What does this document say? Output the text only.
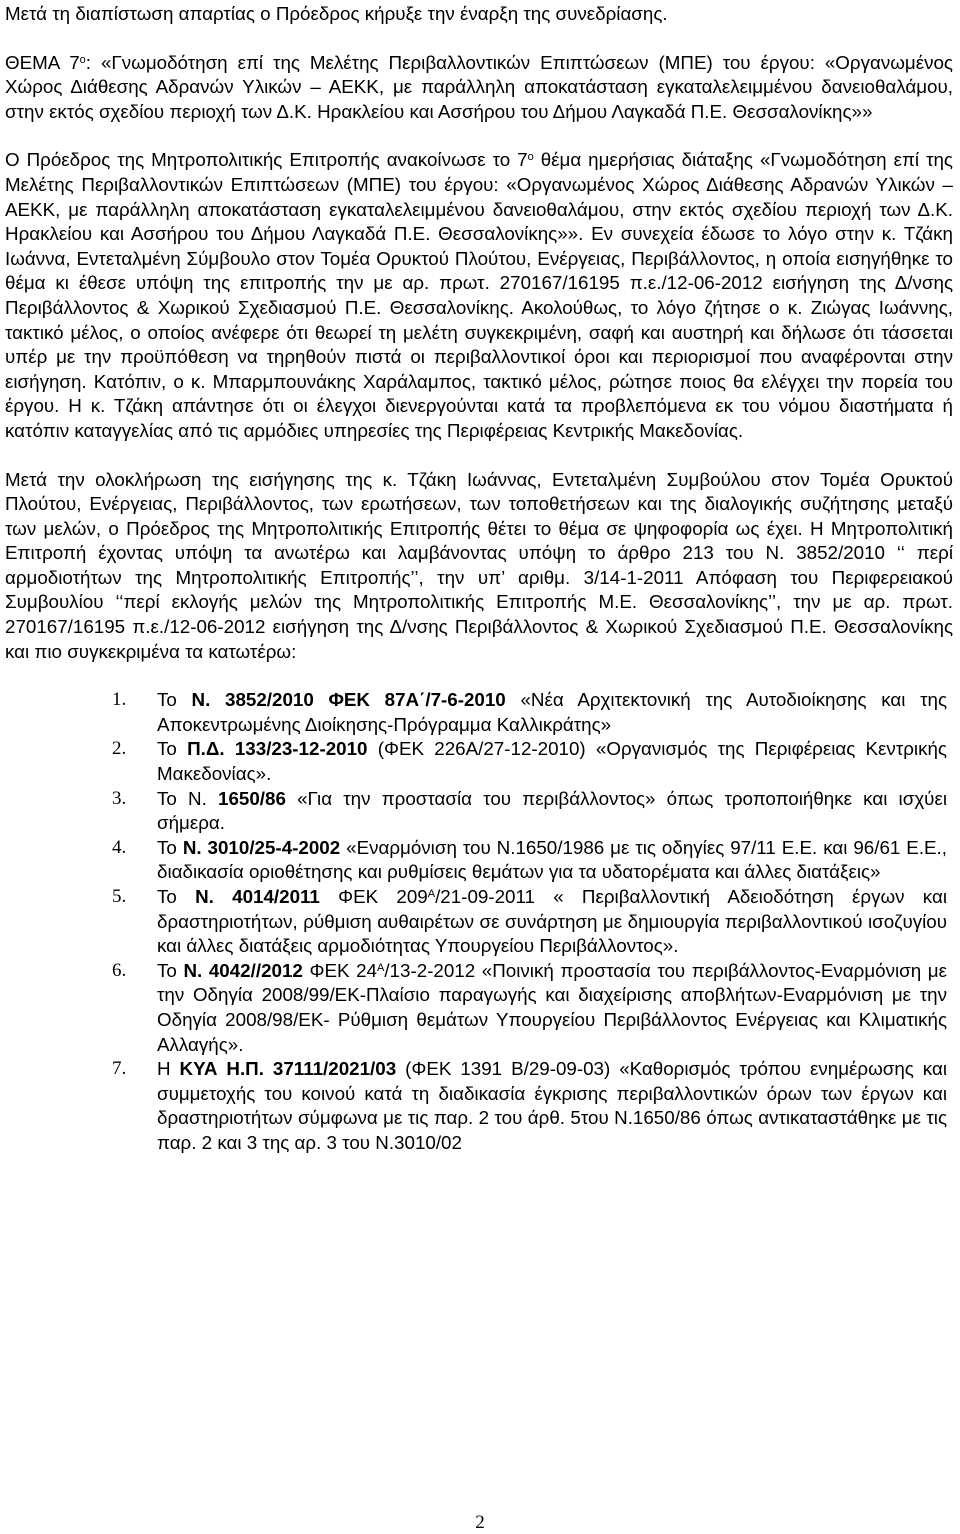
Μετά τη διαπίστωση απαρτίας ο Πρόεδρος κήρυξε την έναρξη της συνεδρίασης.

ΘΕΜΑ $7^o$: «Γνωμοδότηση επί της Μελέτης Περιβαλλοντικών Επιπτώσεων (ΜΠΕ) του έργου: «Οργανωμένος Χώρος Διάθεσης Αδρανών Υλικών – ΑΕΚΚ, με παράλληλη αποκατάσταση εγκαταλελειμμένου δανειοθαλάμου, στην εκτός σχεδίου περιοχή των Δ.Κ. Ηρακλείου και Ασσήρου του Δήμου Λαγκαδά Π.Ε. Θεσσαλονίκης»»

Ο Πρόεδρος της Μητροπολιτικής Επιτροπής ανακοίνωσε το $7^o$ θέμα ημερήσιας διάταξης «Γνωμοδότηση επί της Μελέτης Περιβαλλοντικών Επιπτώσεων (ΜΠΕ) του έργου: «Οργανωμένος Χώρος Διάθεσης Αδρανών Υλικών – ΑΕΚΚ, με παράλληλη αποκατάσταση εγκαταλελειμμένου δανειοθαλάμου, στην εκτός σχεδίου περιοχή των Δ.Κ. Ηρακλείου και Ασσήρου του Δήμου Λαγκαδά Π.Ε. Θεσσαλονίκης»». Εν συνεχεία έδωσε το λόγο στην κ. Τζάκη Ιωάννα, Εντεταλμένη Σύμβουλο στον Τομέα Ορυκτού Πλούτου, Ενέργειας, Περιβάλλοντος, η οποία εισηγήθηκε το θέμα κι έθεσε υπόψη της επιτροπής την με αρ. πρωτ. 270167/16195 π.ε./12-06-2012 εισήγηση της Δ/νσης Περιβάλλοντος & Χωρικού Σχεδιασμού Π.Ε. Θεσσαλονίκης. Ακολούθως, το λόγο ζήτησε ο κ. Ζιώγας Ιωάννης, τακτικό μέλος, ο οποίος ανέφερε ότι θεωρεί τη μελέτη συγκεκριμένη, σαφή και αυστηρή και δήλωσε ότι τάσσεται υπέρ με την προϋπόθεση να τηρηθούν πιστά οι περιβαλλοντικοί όροι και περιορισμοί που αναφέρονται στην εισήγηση. Κατόπιν, ο κ. Μπαρμπουνάκης Χαράλαμπος, τακτικό μέλος, ρώτησε ποιος θα ελέγχει την πορεία του έργου. Η κ. Τζάκη απάντησε ότι οι έλεγχοι διενεργούνται κατά τα προβλεπόμενα εκ του νόμου διαστήματα ή κατόπιν καταγγελίας από τις αρμόδιες υπηρεσίες της Περιφέρειας Κεντρικής Μακεδονίας.

Μετά την ολοκλήρωση της εισήγησης της κ. Τζάκη Ιωάννας, Εντεταλμένη Συμβούλου στον Τομέα Ορυκτού Πλούτου, Ενέργειας, Περιβάλλοντος, των ερωτήσεων, των τοποθετήσεων και της διαλογικής συζήτησης μεταξύ των μελών, ο Πρόεδρος της Μητροπολιτικής Επιτροπής θέτει το θέμα σε ψηφοφορία ως έχει. Η Μητροπολιτική Επιτροπή έχοντας υπόψη τα ανωτέρω και λαμβάνοντας υπόψη το άρθρο 213 του Ν. 3852/2010 ‘‘ περί αρμοδιοτήτων της Μητροπολιτικής Επιτροπής’’, την υπ’ αριθμ. 3/14-1-2011 Απόφαση του Περιφερειακού Συμβουλίου ‘‘περί εκλογής μελών της Μητροπολιτικής Επιτροπής Μ.Ε. Θεσσαλονίκης’’, την με αρ. πρωτ. 270167/16195 π.ε./12-06-2012 εισήγηση της Δ/νσης Περιβάλλοντος & Χωρικού Σχεδιασμού Π.Ε. Θεσσαλονίκης και πιο συγκεκριμένα τα κατωτέρω:

1. Το Ν. 3852/2010 ΦΕΚ 87Α΄/7-6-2010 «Νέα Αρχιτεκτονική της Αυτοδιοίκησης και της Αποκεντρωμένης Διοίκησης-Πρόγραμμα Καλλικράτης»
2. Το Π.Δ. 133/23-12-2010 (ΦΕΚ 226Α/27-12-2010) «Οργανισμός της Περιφέρειας Κεντρικής Μακεδονίας».
3. Το Ν. 1650/86 «Για την προστασία του περιβάλλοντος» όπως τροποποιήθηκε και ισχύει σήμερα.
4. Το Ν. 3010/25-4-2002 «Εναρμόνιση του Ν.1650/1986 με τις οδηγίες 97/11 Ε.Ε. και 96/61 Ε.Ε., διαδικασία οριοθέτησης και ρυθμίσεις θεμάτων για τα υδατορέματα και άλλες διατάξεις»
5. Το Ν. 4014/2011 ΦΕΚ $209^A/21-09-2011$ « Περιβαλλοντική Αδειοδότηση έργων και δραστηριοτήτων, ρύθμιση αυθαιρέτων σε συνάρτηση με δημιουργία περιβαλλοντικού ισοζυγίου και άλλες διατάξεις αρμοδιότητας Υπουργείου Περιβάλλοντος».
6. Το Ν. 4042//2012 ΦΕΚ $24^A/13-2-2012$ «Ποινική προστασία του περιβάλλοντος-Εναρμόνιση με την Οδηγία 2008/99/ΕΚ-Πλαίσιο παραγωγής και διαχείρισης αποβλήτων-Εναρμόνιση με την Οδηγία 2008/98/ΕΚ- Ρύθμιση θεμάτων Υπουργείου Περιβάλλοντος Ενέργειας και Κλιματικής Αλλαγής».
7. Η ΚΥΑ Η.Π. 37111/2021/03 (ΦΕΚ 1391 Β/29-09-03) «Καθορισμός τρόπου ενημέρωσης και συμμετοχής του κοινού κατά τη διαδικασία έγκρισης περιβαλλοντικών όρων των έργων και δραστηριοτήτων σύμφωνα με τις παρ. 2 του άρθ. 5του Ν.1650/86 όπως αντικαταστάθηκε με τις παρ. 2 και 3 της αρ. 3 του Ν.3010/02
2
